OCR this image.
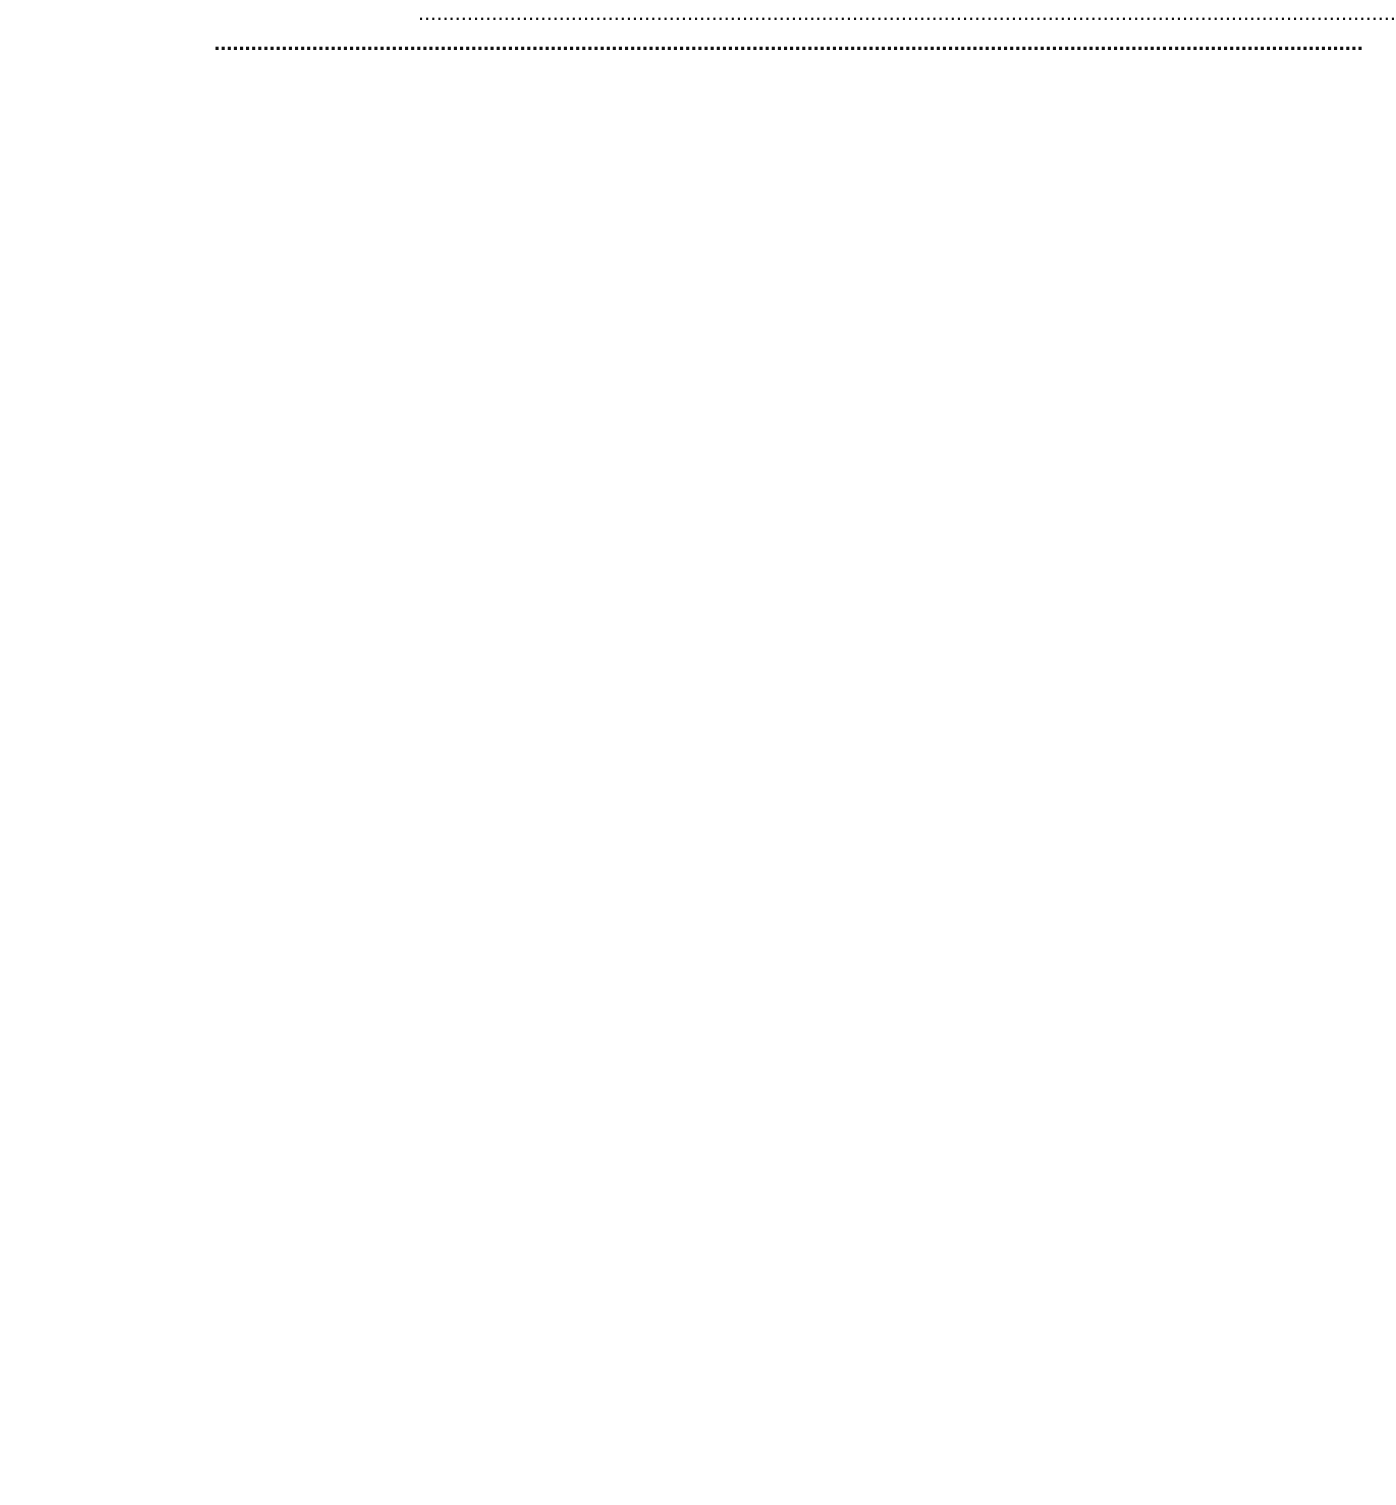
................................................................................................................................................................
............................................................................................................................................................................................
